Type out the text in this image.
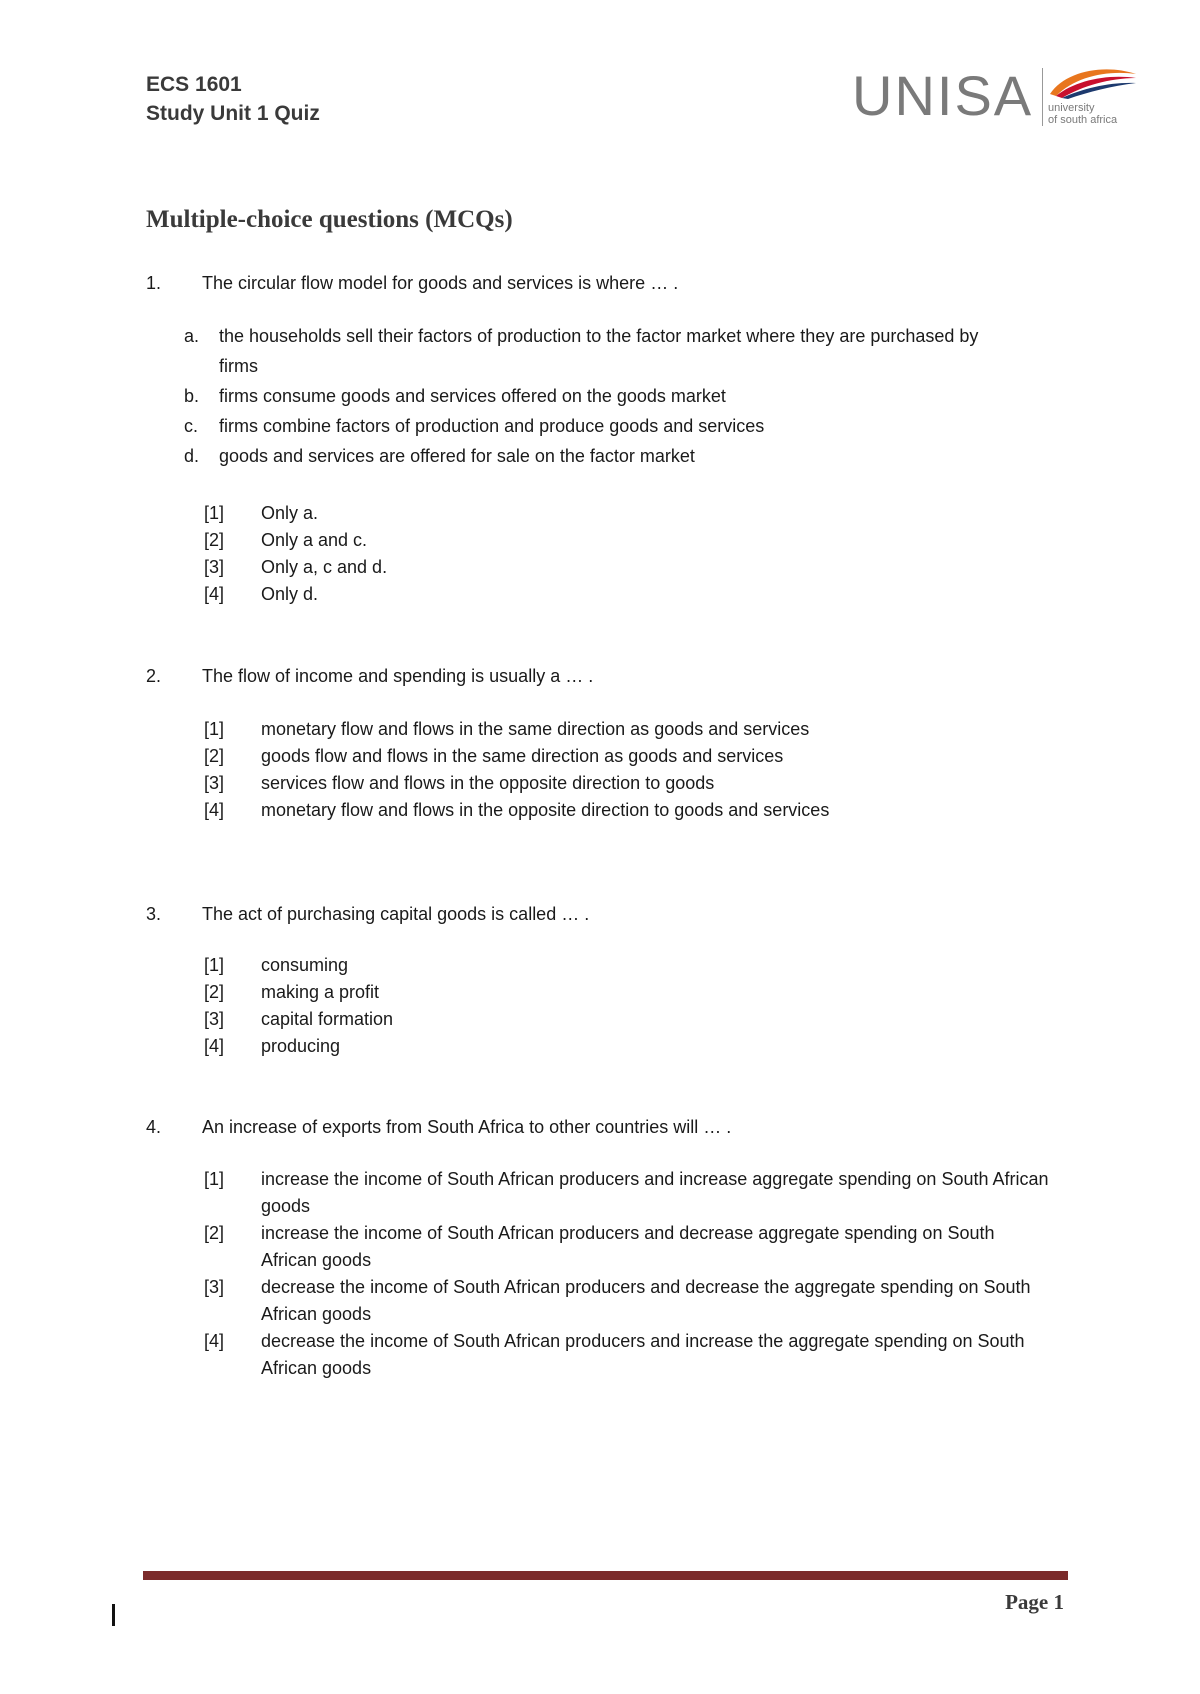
ECS 1601
Study Unit 1 Quiz	UNISA university
of south africa
Multiple-choice questions (MCQs)
1.	The circular flow model for goods and services is where … .
a.	the households sell their factors of production to the factor market where they are purchased by firms
b.	firms consume goods and services offered on the goods market
c.	firms combine factors of production and produce goods and services
d.	goods and services are offered for sale on the factor market
[1]	Only a.
[2]	Only a and c.
[3]	Only a, c and d.
[4]	Only d.
2.	The flow of income and spending is usually a … .
[1]	monetary flow and flows in the same direction as goods and services
[2]	goods flow and flows in the same direction as goods and services
[3]	services flow and flows in the opposite direction to goods
[4]	monetary flow and flows in the opposite direction to goods and services
3.	The act of purchasing capital goods is called … .
[1]	consuming
[2]	making a profit
[3]	capital formation
[4]	producing
4.	An increase of exports from South Africa to other countries will … .
[1]	increase the income of South African producers and increase aggregate spending on South African goods
[2]	increase the income of South African producers and decrease aggregate spending on South African goods
[3]	decrease the income of South African producers and decrease the aggregate spending on South African goods
[4]	decrease the income of South African producers and increase the aggregate spending on South African goods
Page 1
